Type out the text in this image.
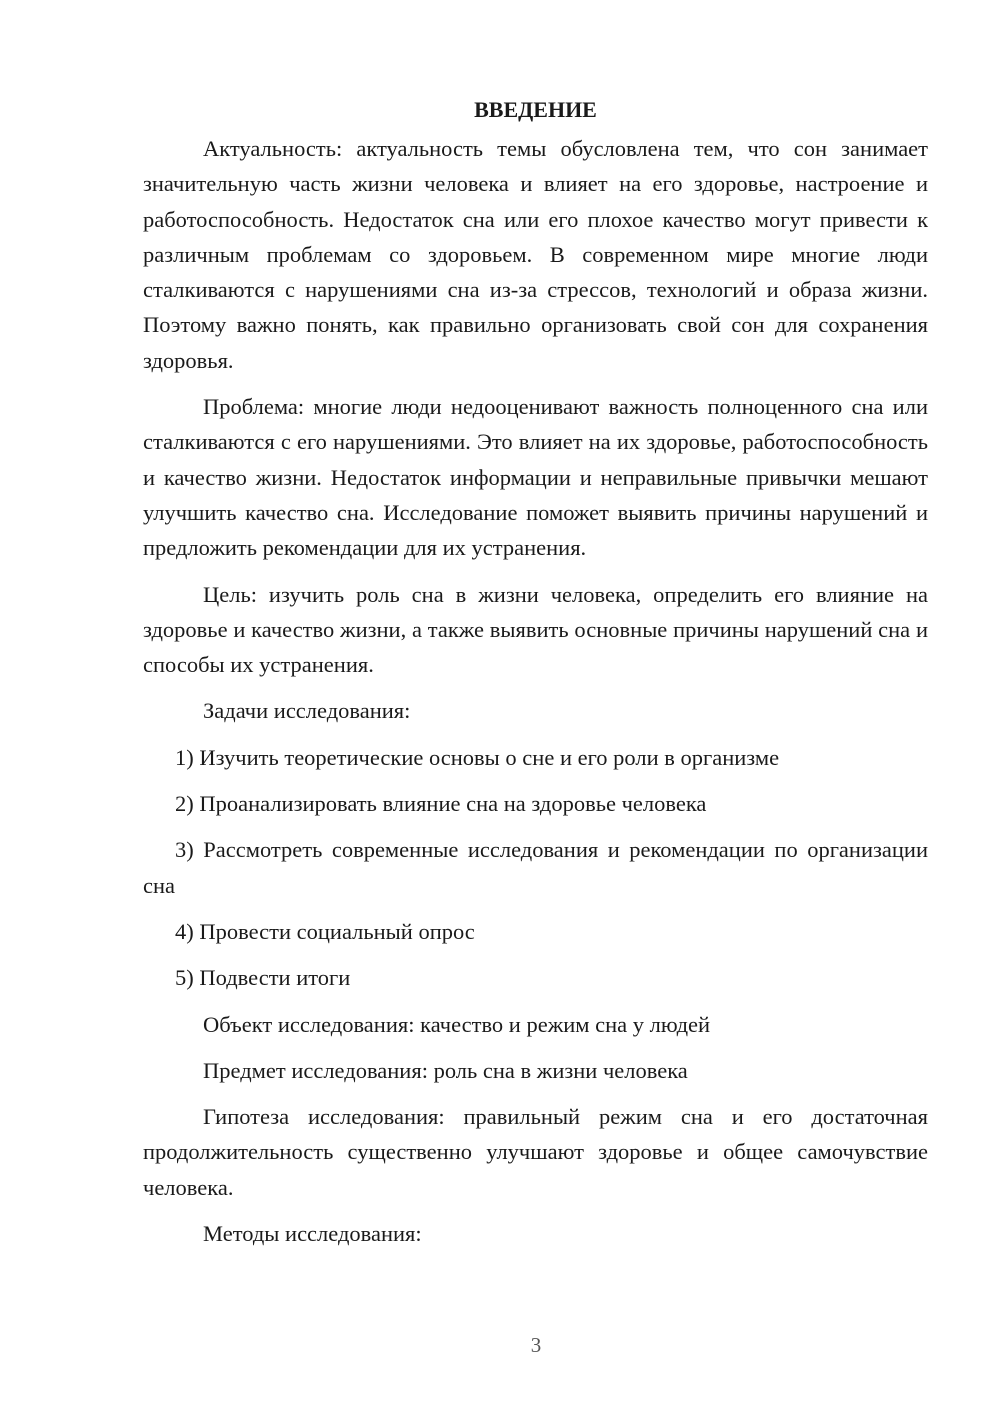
ВВЕДЕНИЕ

Актуальность: актуальность темы обусловлена тем, что сон занимает значительную часть жизни человека и влияет на его здоровье, настроение и работоспособность. Недостаток сна или его плохое качество могут привести к различным проблемам со здоровьем. В современном мире многие люди сталкиваются с нарушениями сна из-за стрессов, технологий и образа жизни. Поэтому важно понять, как правильно организовать свой сон для сохранения здоровья.

Проблема: многие люди недооценивают важность полноценного сна или сталкиваются с его нарушениями. Это влияет на их здоровье, работоспособность и качество жизни. Недостаток информации и неправильные привычки мешают улучшить качество сна. Исследование поможет выявить причины нарушений и предложить рекомендации для их устранения.

Цель: изучить роль сна в жизни человека, определить его влияние на здоровье и качество жизни, а также выявить основные причины нарушений сна и способы их устранения.

Задачи исследования:

1) Изучить теоретические основы о сне и его роли в организме

2) Проанализировать влияние сна на здоровье человека

3) Рассмотреть современные исследования и рекомендации по организации сна

4) Провести социальный опрос

5) Подвести итоги

Объект исследования: качество и режим сна у людей

Предмет исследования: роль сна в жизни человека

Гипотеза исследования: правильный режим сна и его достаточная продолжительность существенно улучшают здоровье и общее самочувствие человека.

Методы исследования:

3
